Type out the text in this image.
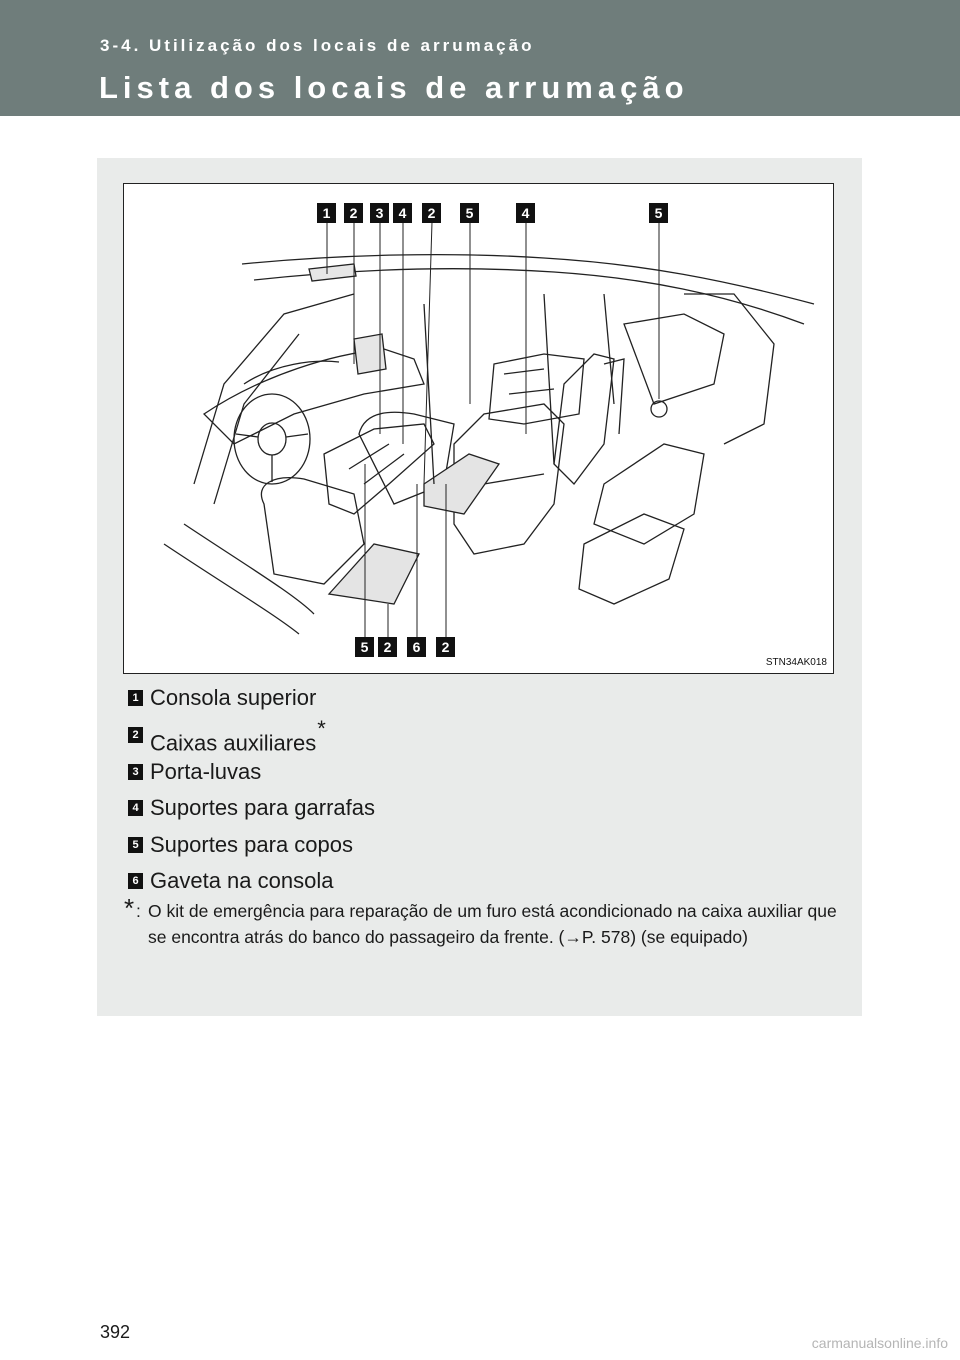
3-4. Utilização dos locais de arrumação
Lista dos locais de arrumação
1	2	3	4	2	5	4	5
5	2	6	2
STN34AK018
1 Consola superior
2 Caixas auxiliares*
3 Porta-luvas
4 Suportes para garrafas
5 Suportes para copos
6 Gaveta na consola
* : O kit de emergência para reparação de um furo está acondicionado na caixa auxiliar que se encontra atrás do banco do passageiro da frente. (→P. 578) (se equipado)
392
carmanualsonline.info
